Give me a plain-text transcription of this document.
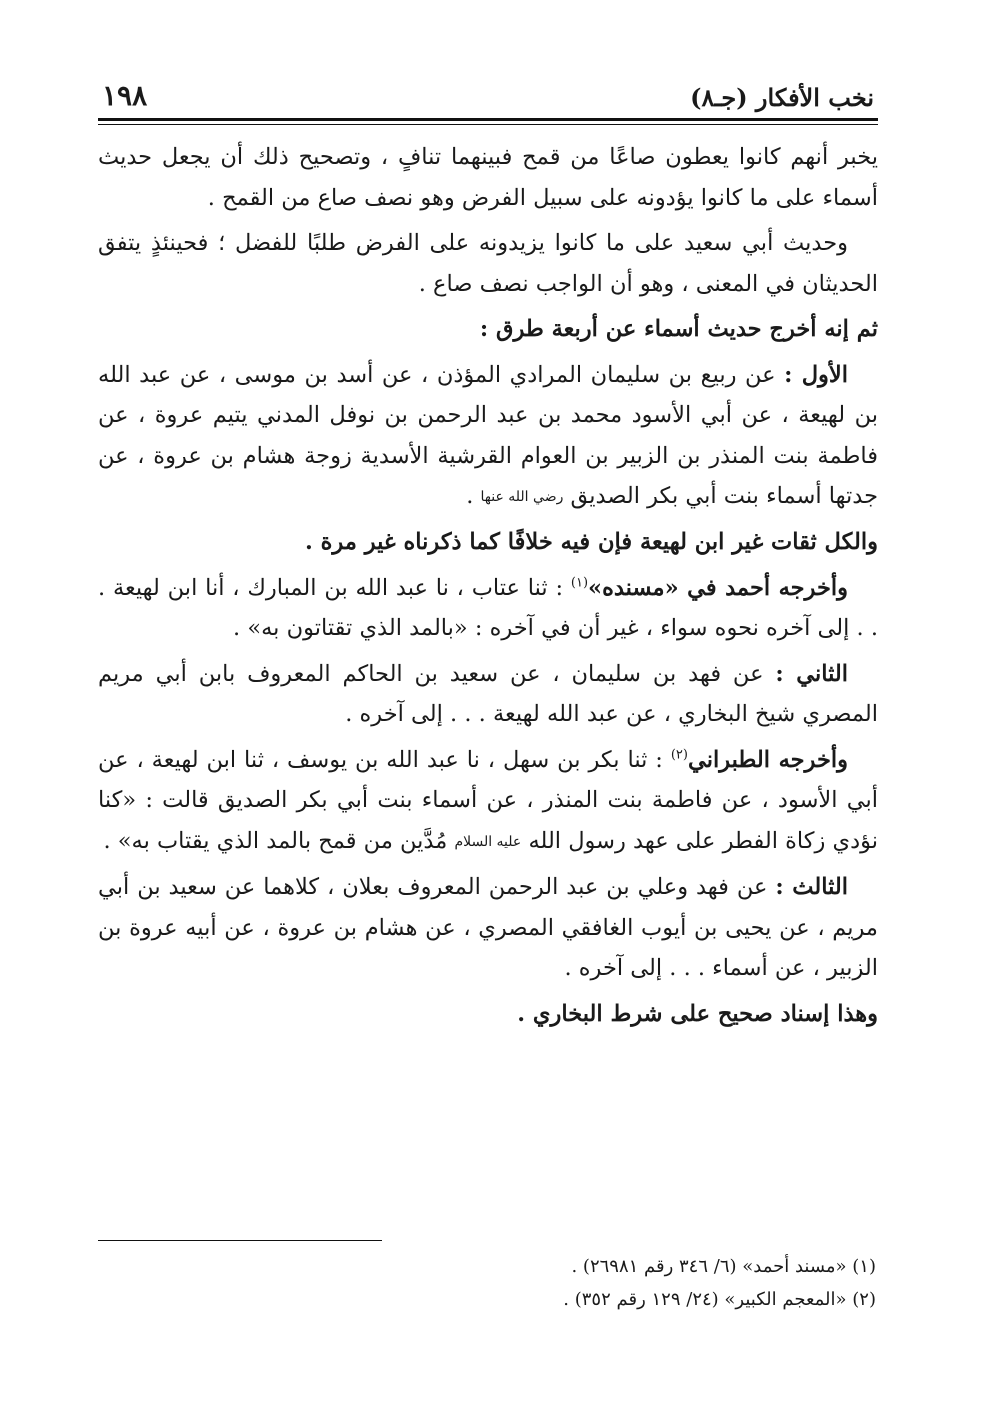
نخب الأفكار (جـ٨)
١٩٨

يخبر أنهم كانوا يعطون صاعًا من قمح فبينهما تنافٍ ، وتصحيح ذلك أن يجعل حديث أسماء على ما كانوا يؤدونه على سبيل الفرض وهو نصف صاع من القمح .

وحديث أبي سعيد على ما كانوا يزيدونه على الفرض طلبًا للفضل ؛ فحينئذٍ يتفق الحديثان في المعنى ، وهو أن الواجب نصف صاع .

ثم إنه أخرج حديث أسماء عن أربعة طرق :

الأول : عن ربيع بن سليمان المرادي المؤذن ، عن أسد بن موسى ، عن عبد الله بن لهيعة ، عن أبي الأسود محمد بن عبد الرحمن بن نوفل المدني يتيم عروة ، عن فاطمة بنت المنذر بن الزبير بن العوام القرشية الأسدية زوجة هشام بن عروة ، عن جدتها أسماء بنت أبي بكر الصديق رضي الله عنها .

والكل ثقات غير ابن لهيعة فإن فيه خلافًا كما ذكرناه غير مرة .

وأخرجه أحمد في «مسنده»$^{(١)}$ : ثنا عتاب ، نا عبد الله بن المبارك ، أنا ابن لهيعة . . . إلى آخره نحوه سواء ، غير أن في آخره : «بالمد الذي تقتاتون به» .

الثاني : عن فهد بن سليمان ، عن سعيد بن الحاكم المعروف بابن أبي مريم المصري شيخ البخاري ، عن عبد الله لهيعة . . . إلى آخره .

وأخرجه الطبراني$^{(٢)}$ : ثنا بكر بن سهل ، نا عبد الله بن يوسف ، ثنا ابن لهيعة ، عن أبي الأسود ، عن فاطمة بنت المنذر ، عن أسماء بنت أبي بكر الصديق قالت : «كنا نؤدي زكاة الفطر على عهد رسول الله عليه السلام مُدَّين من قمح بالمد الذي يقتاب به» .

الثالث : عن فهد وعلي بن عبد الرحمن المعروف بعلان ، كلاهما عن سعيد بن أبي مريم ، عن يحيى بن أيوب الغافقي المصري ، عن هشام بن عروة ، عن أبيه عروة بن الزبير ، عن أسماء . . . إلى آخره .

وهذا إسناد صحيح على شرط البخاري .

(١) «مسند أحمد» (٦/ ٣٤٦ رقم ٢٦٩٨١) .
(٢) «المعجم الكبير» (٢٤/ ١٢٩ رقم ٣٥٢) .
